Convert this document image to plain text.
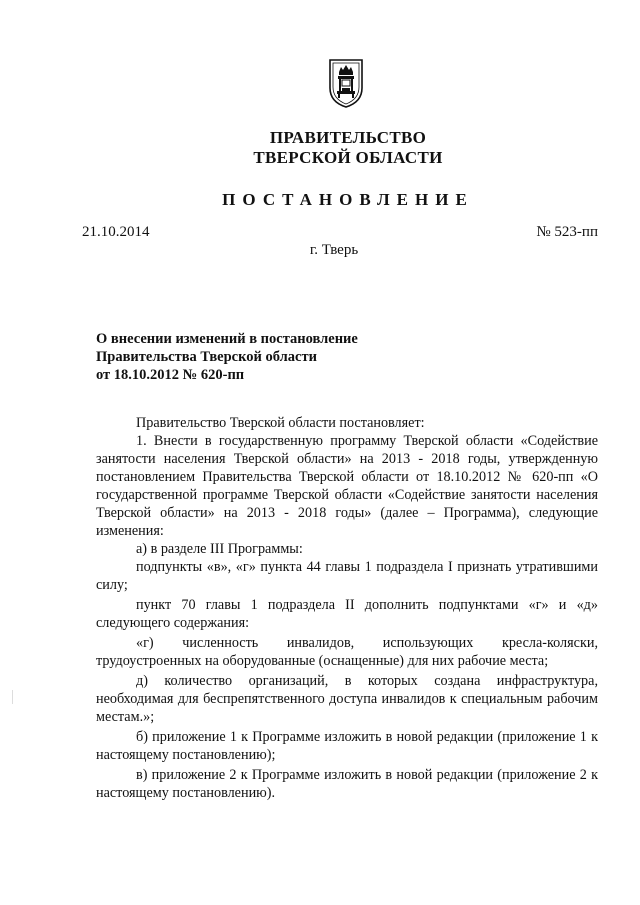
ПРАВИТЕЛЬСТВО
ТВЕРСКОЙ ОБЛАСТИ
ПОСТАНОВЛЕНИЕ
21.10.2014	№ 523-пп
г. Тверь
О внесении изменений в постановление
Правительства Тверской области
от 18.10.2012 № 620-пп

Правительство Тверской области постановляет:

1. Внести в государственную программу Тверской области «Содействие занятости населения Тверской области» на 2013 - 2018 годы, утвержденную постановлением Правительства Тверской области от 18.10.2012 № 620-пп «О государственной программе Тверской области «Содействие занятости населения Тверской области» на 2013 - 2018 годы» (далее – Программа), следующие изменения:

а) в разделе III Программы:

подпункты «в», «г» пункта 44 главы 1 подраздела I признать утратившими силу;

пункт 70 главы 1 подраздела II дополнить подпунктами «г» и «д» следующего содержания:

«г) численность инвалидов, использующих кресла-коляски, трудоустроенных на оборудованные (оснащенные) для них рабочие места;

д) количество организаций, в которых создана инфраструктура, необходимая для беспрепятственного доступа инвалидов к специальным рабочим местам.»;

б) приложение 1 к Программе изложить в новой редакции (приложение 1 к настоящему постановлению);

в) приложение 2 к Программе изложить в новой редакции (приложение 2 к настоящему постановлению).
